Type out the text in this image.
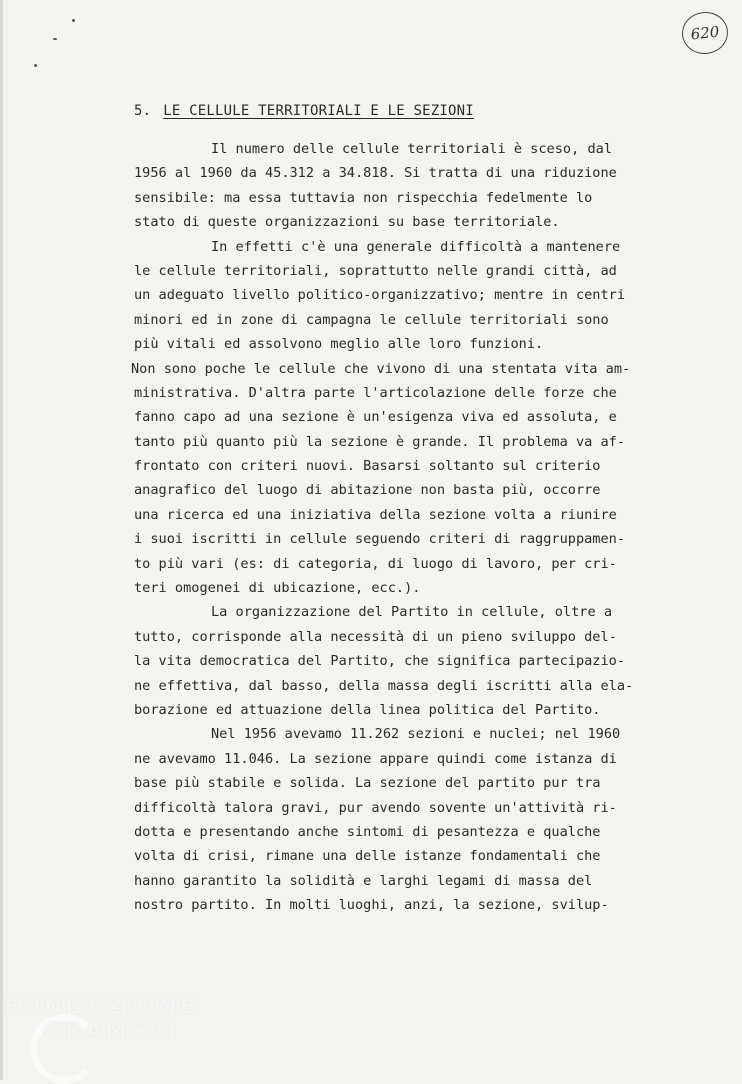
620
5. LE CELLULE TERRITORIALI E LE SEZIONI
Il numero delle cellule territoriali è sceso, dal
1956 al 1960 da 45.312 a 34.818. Si tratta di una riduzione
sensibile: ma essa tuttavia non rispecchia fedelmente lo
stato di queste organizzazioni su base territoriale.
In effetti c'è una generale difficoltà a mantenere
le cellule territoriali, soprattutto nelle grandi città, ad
un adeguato livello politico-organizzativo; mentre in centri
minori ed in zone di campagna le cellule territoriali sono
più vitali ed assolvono meglio alle loro funzioni.
Non sono poche le cellule che vivono di una stentata vita am-
ministrativa. D'altra parte l'articolazione delle forze che
fanno capo ad una sezione è un'esigenza viva ed assoluta, e
tanto più quanto più la sezione è grande. Il problema va af-
frontato con criteri nuovi. Basarsi soltanto sul criterio
anagrafico del luogo di abitazione non basta più, occorre
una ricerca ed una iniziativa della sezione volta a riunire
i suoi iscritti in cellule seguendo criteri di raggruppamen-
to più vari (es: di categoria, di luogo di lavoro, per cri-
teri omogenei di ubicazione, ecc.).
La organizzazione del Partito in cellule, oltre a
tutto, corrisponde alla necessità di un pieno sviluppo del-
la vita democratica del Partito, che significa partecipazio-
ne effettiva, dal basso, della massa degli iscritti alla ela-
borazione ed attuazione della linea politica del Partito.
Nel 1956 avevamo 11.262 sezioni e nuclei; nel 1960
ne avevamo 11.046. La sezione appare quindi come istanza di
base più stabile e solida. La sezione del partito pur tra
difficoltà talora gravi, pur avendo sovente un'attività ri-
dotta e presentando anche sintomi di pesantezza e qualche
volta di crisi, rimane una delle istanze fondamentali che
hanno garantito la solidità e larghi legami di massa del
nostro partito. In molti luoghi, anzi, la sezione, svilup-
FONDAZIONE
GRAMSCI
